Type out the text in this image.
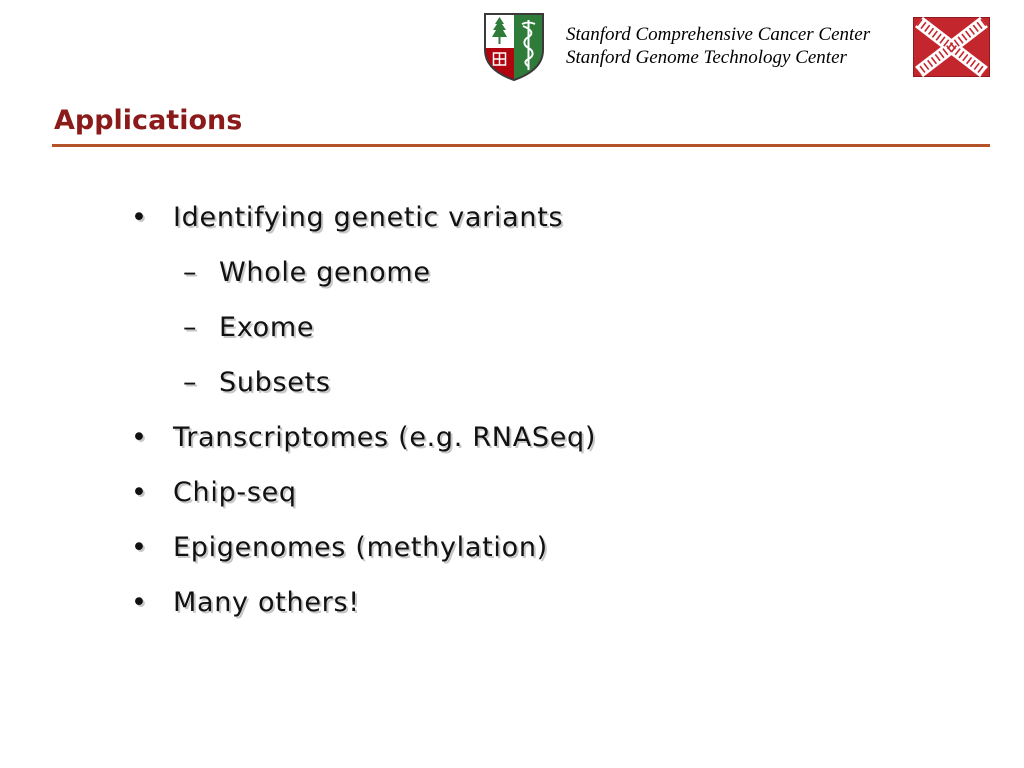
Stanford Comprehensive Cancer Center
Stanford Genome Technology Center
Applications
• Identifying genetic variants
– Whole genome
– Exome
– Subsets
• Transcriptomes (e.g. RNASeq)
• Chip-seq
• Epigenomes (methylation)
• Many others!
